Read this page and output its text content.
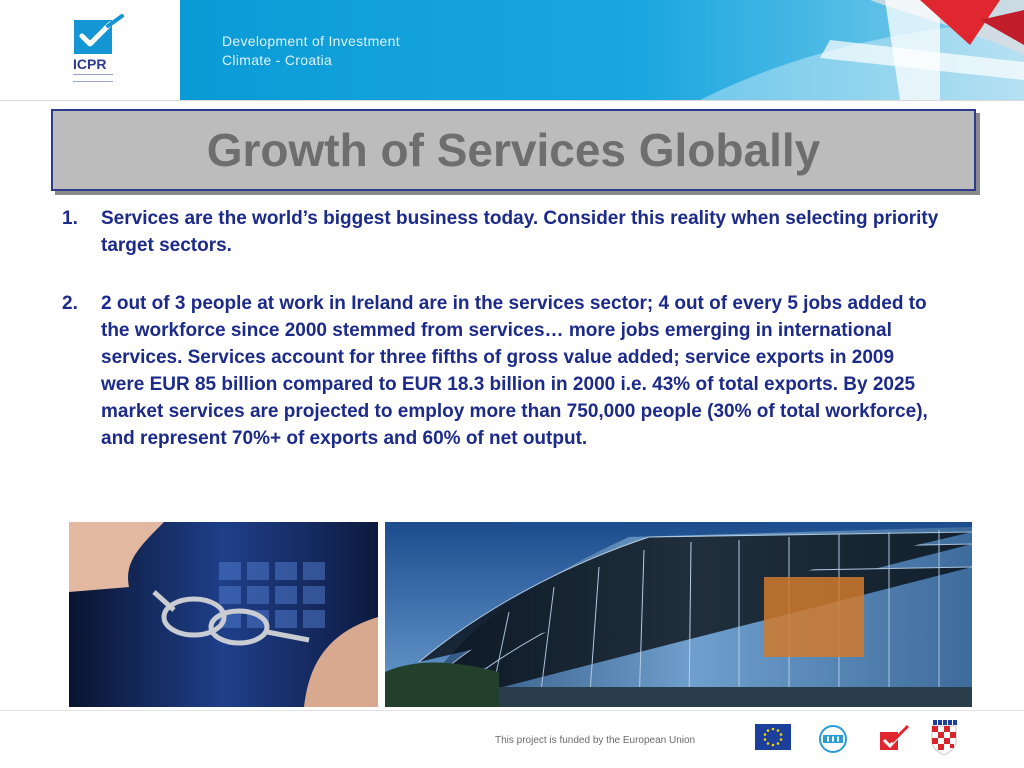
ICPR
Development of Investment
Climate - Croatia
Growth of Services Globally
1. Services are the world’s biggest business today. Consider this reality when selecting priority target sectors.
2. 2 out of 3 people at work in Ireland are in the services sector; 4 out of every 5 jobs added to the workforce since 2000 stemmed from services… more jobs emerging in international services. Services account for three fifths of gross value added; service exports in 2009 were EUR 85 billion compared to EUR 18.3 billion in 2000 i.e. 43% of total exports. By 2025 market services are projected to employ more than 750,000 people (30% of total workforce), and represent 70%+ of exports and 60% of net output.
This project is funded by the European Union
